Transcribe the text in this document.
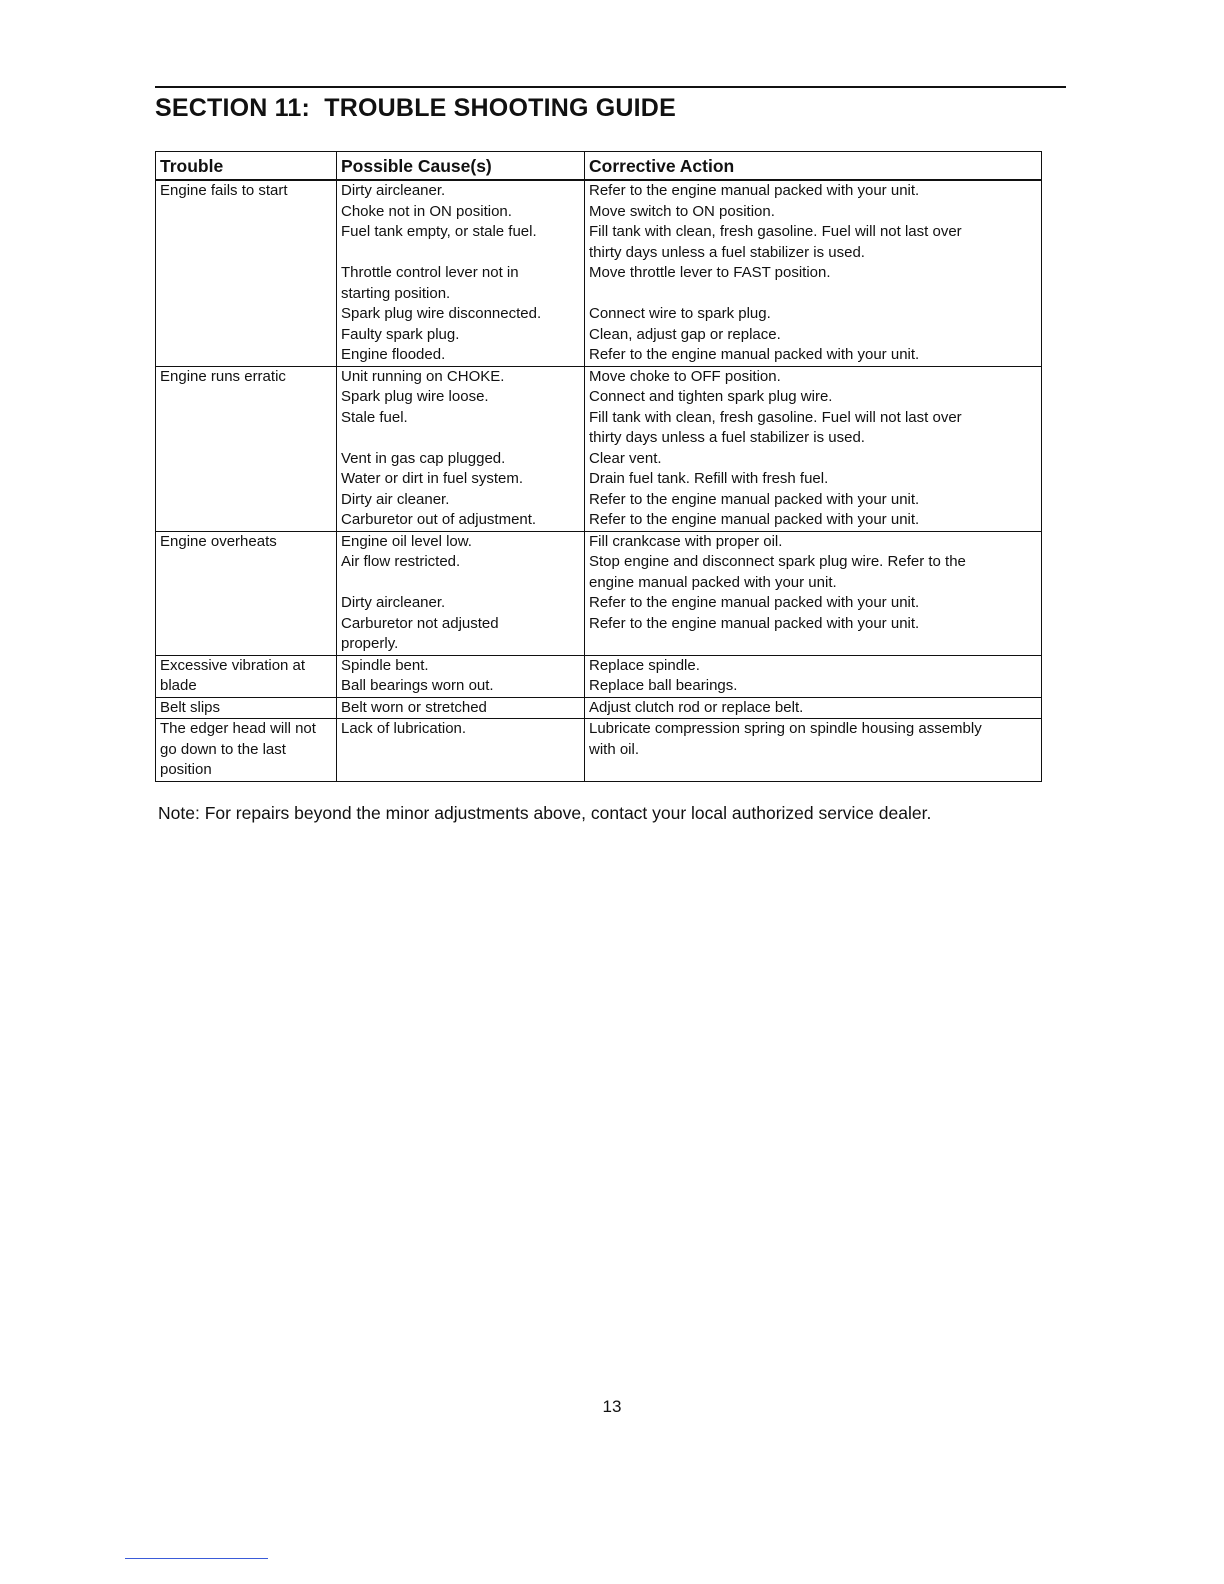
SECTION 11:  TROUBLE SHOOTING GUIDE
Trouble	Possible Cause(s)	Corrective Action
Engine fails to start	Dirty aircleaner.	Refer to the engine manual packed with your unit.
	Choke not in ON position.	Move switch to ON position.
	Fuel tank empty, or stale fuel.	Fill tank with clean, fresh gasoline. Fuel will not last over
		thirty days unless a fuel stabilizer is used.
	Throttle control lever not in	Move throttle lever to FAST position.
	starting position.	
	Spark plug wire disconnected.	Connect wire to spark plug.
	Faulty spark plug.	Clean, adjust gap or replace.
	Engine flooded.	Refer to the engine manual packed with your unit.
Engine runs erratic	Unit running on CHOKE.	Move choke to OFF position.
	Spark plug wire loose.	Connect and tighten spark plug wire.
	Stale fuel.	Fill tank with clean, fresh gasoline. Fuel will not last over
		thirty days unless a fuel stabilizer is used.
	Vent in gas cap plugged.	Clear vent.
	Water or dirt in fuel system.	Drain fuel tank. Refill with fresh fuel.
	Dirty air cleaner.	Refer to the engine manual packed with your unit.
	Carburetor out of adjustment.	Refer to the engine manual packed with your unit.
Engine overheats	Engine oil level low.	Fill crankcase with proper oil.
	Air flow restricted.	Stop engine and disconnect spark plug wire. Refer to the
		engine manual packed with your unit.
	Dirty aircleaner.	Refer to the engine manual packed with your unit.
	Carburetor not adjusted	Refer to the engine manual packed with your unit.
	properly.	
Excessive vibration at	Spindle bent.	Replace spindle.
blade	Ball bearings worn out.	Replace ball bearings.
Belt slips	Belt worn or stretched	Adjust clutch rod or replace belt.
The edger head will not	Lack of lubrication.	Lubricate compression spring on spindle housing assembly
go down to the last		with oil.
position		

Note: For repairs beyond the minor adjustments above, contact your local authorized service dealer.

13
